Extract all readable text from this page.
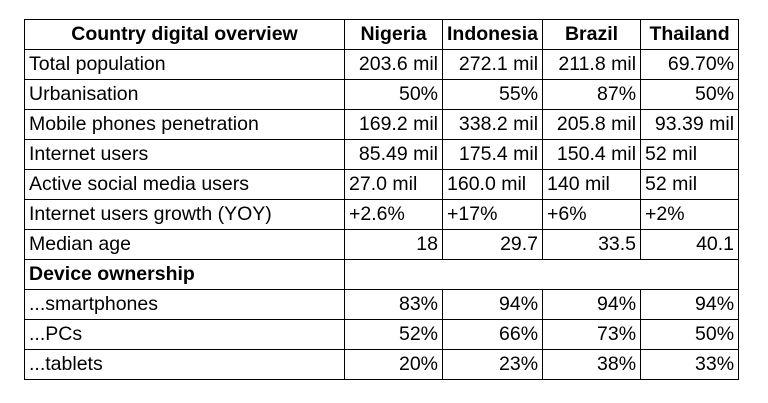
Country digital overview	Nigeria	Indonesia	Brazil	Thailand
Total population	203.6 mil	272.1 mil	211.8 mil	69.70%
Urbanisation	50%	55%	87%	50%
Mobile phones penetration	169.2 mil	338.2 mil	205.8 mil	93.39 mil
Internet users	85.49 mil	175.4 mil	150.4 mil	52 mil
Active social media users	27.0 mil	160.0 mil	140 mil	52 mil
Internet users growth (YOY)	+2.6%	+17%	+6%	+2%
Median age	18	29.7	33.5	40.1
Device ownership				
...smartphones	83%	94%	94%	94%
...PCs	52%	66%	73%	50%
...tablets	20%	23%	38%	33%
